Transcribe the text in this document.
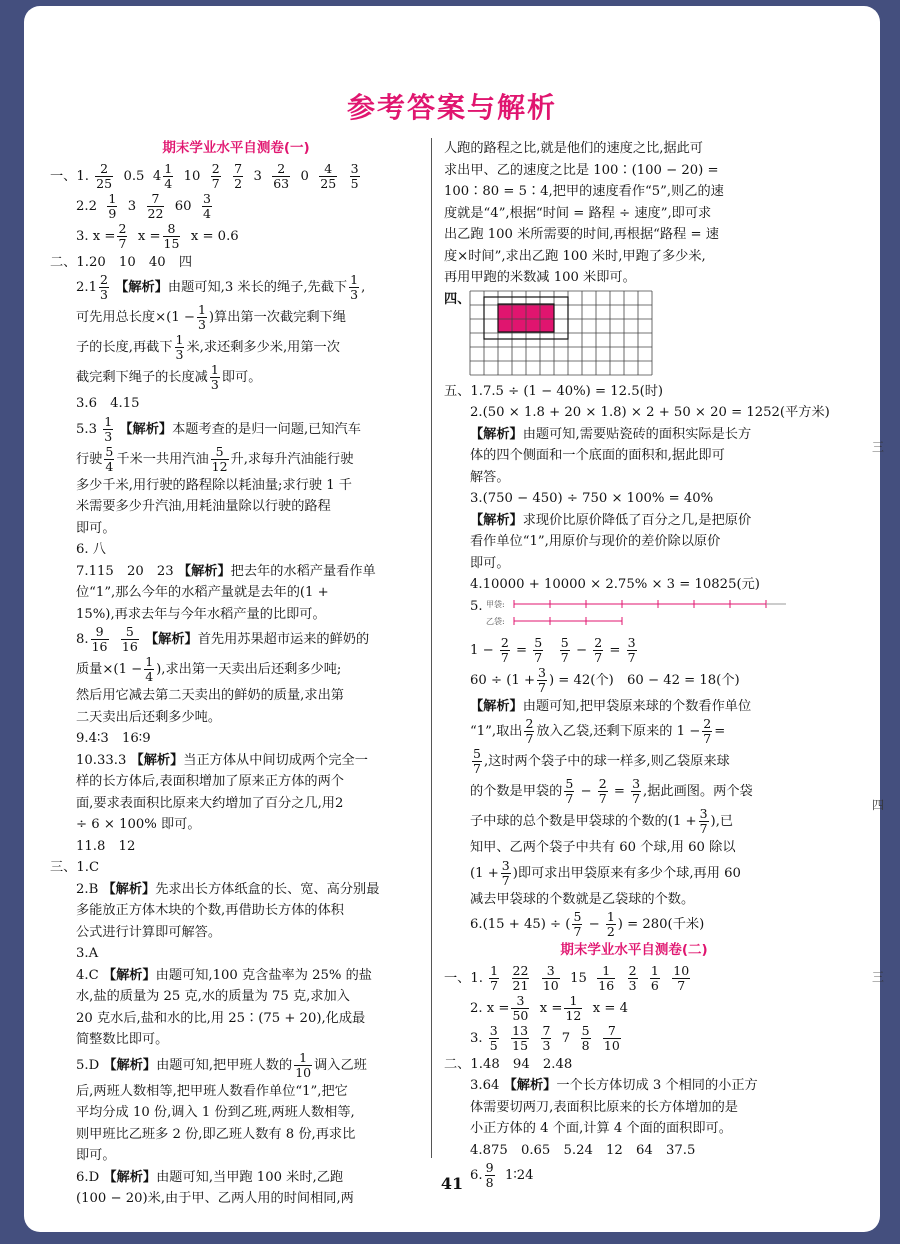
参考答案与解析
期末学业水平自测卷(一)
一、1. $\frac{2}{25} 0.5$ $4 \frac{1}{4} 10 \frac{2}{7}$
$\frac{7}{2} 3 \frac{2}{63} 0 \frac{4}{25}$
$\frac{3}{5}$
$2.2 \frac{1}{9} 3 \frac{7}{22} 60 \frac{3}{4}$
3. $x = \frac{2}{7}$ $x = \frac{8}{15}$ x = 0.6
二、1.20　10　40　四
$2.1 \frac{2}{3}$ 【解析】由题可知,3 米长的绳子,先截下 $\frac{1}{3}$ ,
可先用总长度$\times(1 - \frac{1}{3}$ )算出第一次截完剩下绳
子的长度,再截下 $\frac{1}{3}$ 米,求还剩多少米,用第一次
截完剩下绳子的长度减 $\frac{1}{3}$ 即可。
3.6　4.15
$5.3 \frac{1}{3}$ 【解析】本题考查的是归一问题,已知汽车
行驶 $\frac{5}{4}$ 千米一共用汽油 $\frac{5}{12}$ 升,求每升汽油能行驶
多少千米,用行驶的路程除以耗油量;求行驶 1 千
米需要多少升汽油,用耗油量除以行驶的路程
即可。
6. 八
7.115　20　23 【解析】把去年的水稻产量看作单
位“1”,那么今年的水稻产量就是去年的(1 +
15%),再求去年与今年水稻产量的比即可。
8. $\frac{9}{16}$
$\frac{5}{16}$ 【解析】首先用苏果超市运来的鲜奶的
质量$\times(1 - \frac{1}{4}$ ),求出第一天卖出后还剩多少吨;
然后用它减去第二天卖出的鲜奶的质量,求出第
二天卖出后还剩多少吨。
9.4∶3　16∶9
10.33.3 【解析】当正方体从中间切成两个完全一
样的长方体后,表面积增加了原来正方体的两个
面,要求表面积比原来大约增加了百分之几,用2
÷ 6 × 100% 即可。
11.8　12
三、1.C
2.B 【解析】先求出长方体纸盒的长、宽、高分别最
多能放正方体木块的个数,再借助长方体的体积
公式进行计算即可解答。
3.A
4.C 【解析】由题可知,100 克含盐率为 25% 的盐
水,盐的质量为 25 克,水的质量为 75 克,求加入
20 克水后,盐和水的比,用 25∶(75 + 20),化成最
简整数比即可。
5.D 【解析】由题可知,把甲班人数的 $\frac{1}{10}$ 调入乙班
后,两班人数相等,把甲班人数看作单位“1”,把它
平均分成 10 份,调入 1 份到乙班,两班人数相等,
则甲班比乙班多 2 份,即乙班人数有 8 份,再求比
即可。
6.D 【解析】由题可知,当甲跑 100 米时,乙跑
(100 − 20)米,由于甲、乙两人用的时间相同,两
人跑的路程之比,就是他们的速度之比,据此可
求出甲、乙的速度之比是 100∶(100 − 20) =
100∶80 = 5∶4,把甲的速度看作“5”,则乙的速
度就是“4”,根据“时间 = 路程 ÷ 速度”,即可求
出乙跑 100 米所需要的时间,再根据“路程 = 速
度×时间”,求出乙跑 100 米时,甲跑了多少米,
再用甲跑的米数减 100 米即可。
四、
五、1.7.5 ÷ (1 − 40%) = 12.5(时)
2.(50 × 1.8 + 20 × 1.8) × 2 + 50 × 20 = 1252(平方米)
【解析】由题可知,需要贴瓷砖的面积实际是长方
体的四个侧面和一个底面的面积和,据此即可
解答。
3.(750 − 450) ÷ 750 × 100% = 40%
【解析】求现价比原价降低了百分之几,是把原价
看作单位“1”,用原价与现价的差价除以原价
即可。
4.10000 + 10000 × 2.75% × 3 = 10825(元)
5. 甲袋:
乙袋:
$1 - \frac{2}{7} = \frac{5}{7}$
$\frac{5}{7} - \frac{2}{7} = \frac{3}{7}$
$60 \div (1 + \frac{3}{7}$ ) = 42(个)　60 − 42 = 18(个)
【解析】由题可知,把甲袋原来球的个数看作单位
“1”,取出 $\frac{2}{7}$ 放入乙袋,还剩下原来的 $1 - \frac{2}{7}$ =
$\frac{5}{7}$ ,这时两个袋子中的球一样多,则乙袋原来球
的个数是甲袋的 $\frac{5}{7} - \frac{2}{7} = \frac{3}{7}$ ,据此画图。两个袋
子中球的总个数是甲袋球的个数的($1 + \frac{3}{7}$ ),已
知甲、乙两个袋子中共有 60 个球,用 60 除以
($1 + \frac{3}{7}$ )即可求出甲袋原来有多少个球,再用 60
减去甲袋球的个数就是乙袋球的个数。
6.(15 + 45) ÷ ( $\frac{5}{7} - \frac{1}{2}$ ) = 280(千米)
期末学业水平自测卷(二)
一、1. $\frac{1}{7}$
$\frac{22}{21}$
$\frac{3}{10} 15 \frac{1}{16}$
$\frac{2}{3}$
$\frac{1}{6}$
$\frac{10}{7}$
2. $x = \frac{3}{50}$ $x = \frac{1}{12}$ x = 4
3. $\frac{3}{5}$
$\frac{13}{15}$
$\frac{7}{3} 7 \frac{5}{8}$
$\frac{7}{10}$
二、1.48　94　2.48
3.64 【解析】一个长方体切成 3 个相同的小正方
体需要切两刀,表面积比原来的长方体增加的是
小正方体的 4 个面,计算 4 个面的面积即可。
4.875　0.65　5.24　12　64　37.5
6. $\frac{9}{8}$ 1∶24
41
三
四
三
